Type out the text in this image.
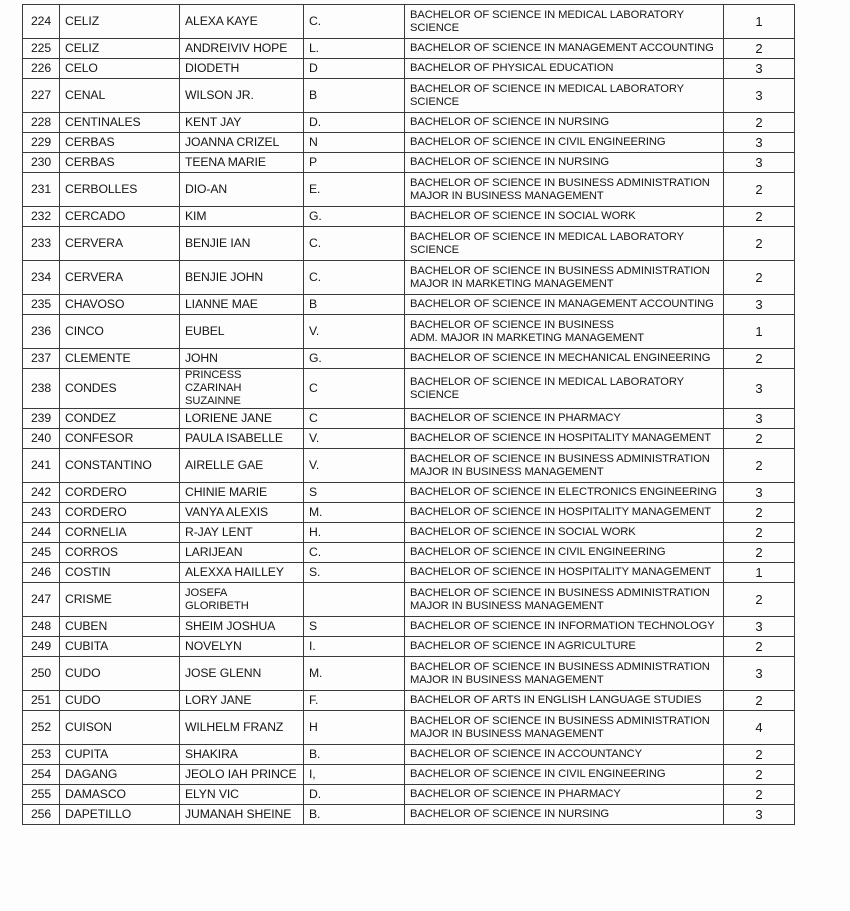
224	CELIZ	ALEXA KAYE	C.	BACHELOR OF SCIENCE IN MEDICAL LABORATORY
SCIENCE	1
225	CELIZ	ANDREIVIV HOPE	L.	BACHELOR OF SCIENCE IN MANAGEMENT ACCOUNTING	2
226	CELO	DIODETH	D	BACHELOR OF PHYSICAL EDUCATION	3
227	CENAL	WILSON JR.	B	BACHELOR OF SCIENCE IN MEDICAL LABORATORY
SCIENCE	3
228	CENTINALES	KENT JAY	D.	BACHELOR OF SCIENCE IN NURSING	2
229	CERBAS	JOANNA CRIZEL	N	BACHELOR OF SCIENCE IN CIVIL ENGINEERING	3
230	CERBAS	TEENA MARIE	P	BACHELOR OF SCIENCE IN NURSING	3
231	CERBOLLES	DIO-AN	E.	BACHELOR OF SCIENCE IN BUSINESS ADMINISTRATION
MAJOR IN BUSINESS MANAGEMENT	2
232	CERCADO	KIM	G.	BACHELOR OF SCIENCE IN SOCIAL WORK	2
233	CERVERA	BENJIE IAN	C.	BACHELOR OF SCIENCE IN MEDICAL LABORATORY
SCIENCE	2
234	CERVERA	BENJIE JOHN	C.	BACHELOR OF SCIENCE IN BUSINESS ADMINISTRATION
MAJOR IN MARKETING MANAGEMENT	2
235	CHAVOSO	LIANNE MAE	B	BACHELOR OF SCIENCE IN MANAGEMENT ACCOUNTING	3
236	CINCO	EUBEL	V.	BACHELOR OF SCIENCE IN BUSINESS
ADM. MAJOR IN MARKETING MANAGEMENT	1
237	CLEMENTE	JOHN	G.	BACHELOR OF SCIENCE IN MECHANICAL ENGINEERING	2
238	CONDES	PRINCESS CZARINAH
SUZAINNE	C	BACHELOR OF SCIENCE IN MEDICAL LABORATORY
SCIENCE	3
239	CONDEZ	LORIENE JANE	C	BACHELOR OF SCIENCE IN PHARMACY	3
240	CONFESOR	PAULA ISABELLE	V.	BACHELOR OF SCIENCE IN HOSPITALITY MANAGEMENT	2
241	CONSTANTINO	AIRELLE GAE	V.	BACHELOR OF SCIENCE IN BUSINESS ADMINISTRATION
MAJOR IN BUSINESS MANAGEMENT	2
242	CORDERO	CHINIE MARIE	S	BACHELOR OF SCIENCE IN ELECTRONICS ENGINEERING	3
243	CORDERO	VANYA ALEXIS	M.	BACHELOR OF SCIENCE IN HOSPITALITY MANAGEMENT	2
244	CORNELIA	R-JAY LENT	H.	BACHELOR OF SCIENCE IN SOCIAL WORK	2
245	CORROS	LARIJEAN	C.	BACHELOR OF SCIENCE IN CIVIL ENGINEERING	2
246	COSTIN	ALEXXA HAILLEY	S.	BACHELOR OF SCIENCE IN HOSPITALITY MANAGEMENT	1
247	CRISME	JOSEFA
GLORIBETH		BACHELOR OF SCIENCE IN BUSINESS ADMINISTRATION
MAJOR IN BUSINESS MANAGEMENT	2
248	CUBEN	SHEIM JOSHUA	S	BACHELOR OF SCIENCE IN INFORMATION TECHNOLOGY	3
249	CUBITA	NOVELYN	I.	BACHELOR OF SCIENCE IN AGRICULTURE	2
250	CUDO	JOSE GLENN	M.	BACHELOR OF SCIENCE IN BUSINESS ADMINISTRATION
MAJOR IN BUSINESS MANAGEMENT	3
251	CUDO	LORY JANE	F.	BACHELOR OF ARTS IN ENGLISH LANGUAGE STUDIES	2
252	CUISON	WILHELM FRANZ	H	BACHELOR OF SCIENCE IN BUSINESS ADMINISTRATION
MAJOR IN BUSINESS MANAGEMENT	4
253	CUPITA	SHAKIRA	B.	BACHELOR OF SCIENCE IN ACCOUNTANCY	2
254	DAGANG	JEOLO IAH PRINCE	I,	BACHELOR OF SCIENCE IN CIVIL ENGINEERING	2
255	DAMASCO	ELYN VIC	D.	BACHELOR OF SCIENCE IN PHARMACY	2
256	DAPETILLO	JUMANAH SHEINE	B.	BACHELOR OF SCIENCE IN NURSING	3
